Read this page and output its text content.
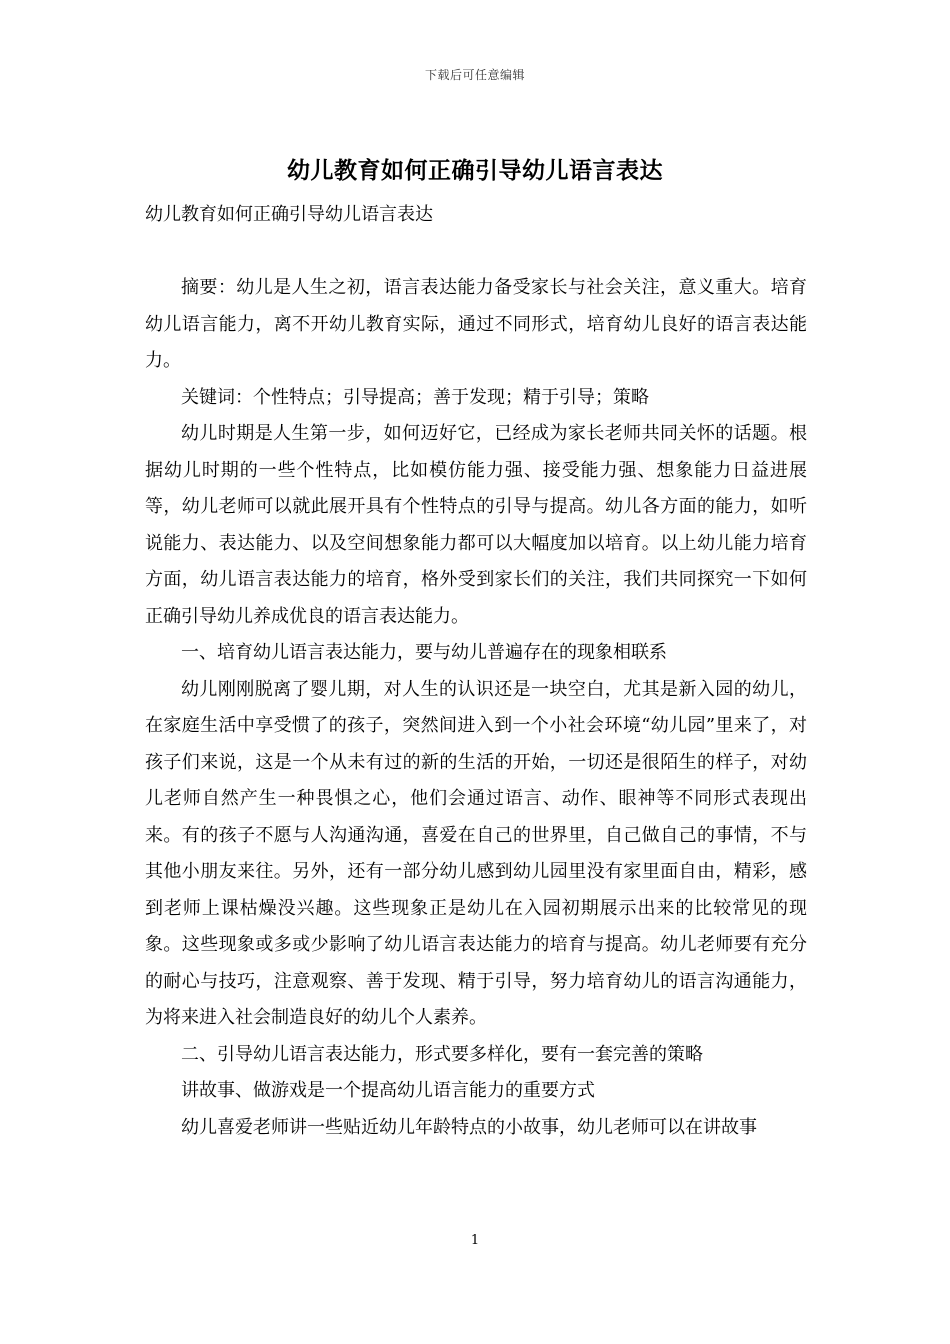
下载后可任意编辑
幼儿教育如何正确引导幼儿语言表达
幼儿教育如何正确引导幼儿语言表达

摘要：幼儿是人生之初，语言表达能力备受家长与社会关注，意义重大。培育幼儿语言能力，离不开幼儿教育实际，通过不同形式，培育幼儿良好的语言表达能力。

关键词：个性特点；引导提高；善于发现；精于引导；策略

幼儿时期是人生第一步，如何迈好它，已经成为家长老师共同关怀的话题。根据幼儿时期的一些个性特点，比如模仿能力强、接受能力强、想象能力日益进展等，幼儿老师可以就此展开具有个性特点的引导与提高。幼儿各方面的能力，如听说能力、表达能力、以及空间想象能力都可以大幅度加以培育。以上幼儿能力培育方面，幼儿语言表达能力的培育，格外受到家长们的关注，我们共同探究一下如何正确引导幼儿养成优良的语言表达能力。

一、培育幼儿语言表达能力，要与幼儿普遍存在的现象相联系

幼儿刚刚脱离了婴儿期，对人生的认识还是一块空白，尤其是新入园的幼儿，在家庭生活中享受惯了的孩子，突然间进入到一个小社会环境“幼儿园”里来了，对孩子们来说，这是一个从未有过的新的生活的开始，一切还是很陌生的样子，对幼儿老师自然产生一种畏惧之心，他们会通过语言、动作、眼神等不同形式表现出来。有的孩子不愿与人沟通沟通，喜爱在自己的世界里，自己做自己的事情，不与其他小朋友来往。另外，还有一部分幼儿感到幼儿园里没有家里面自由，精彩，感到老师上课枯燥没兴趣。这些现象正是幼儿在入园初期展示出来的比较常见的现象。这些现象或多或少影响了幼儿语言表达能力的培育与提高。幼儿老师要有充分的耐心与技巧，注意观察、善于发现、精于引导，努力培育幼儿的语言沟通能力，为将来进入社会制造良好的幼儿个人素养。

二、引导幼儿语言表达能力，形式要多样化，要有一套完善的策略

讲故事、做游戏是一个提高幼儿语言能力的重要方式

幼儿喜爱老师讲一些贴近幼儿年龄特点的小故事，幼儿老师可以在讲故事

1
